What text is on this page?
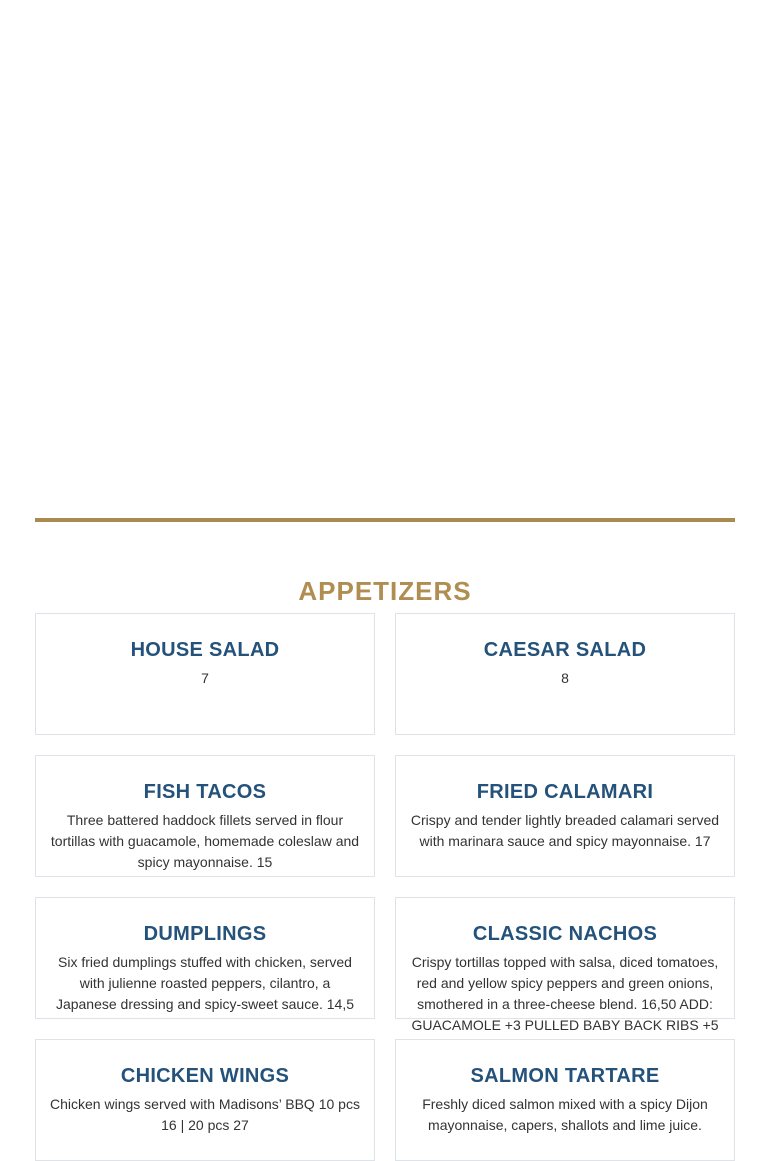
APPETIZERS
HOUSE SALAD

7

CAESAR SALAD

8

FISH TACOS

Three battered haddock fillets served in flour tortillas with guacamole, homemade coleslaw and spicy mayonnaise. 15

FRIED CALAMARI

Crispy and tender lightly breaded calamari served with marinara sauce and spicy mayonnaise. 17

DUMPLINGS

Six fried dumplings stuffed with chicken, served with julienne roasted peppers, cilantro, a Japanese dressing and spicy-sweet sauce. 14,5

CLASSIC NACHOS

Crispy tortillas topped with salsa, diced tomatoes, red and yellow spicy peppers and green onions, smothered in a three-cheese blend. 16,50 ADD: GUACAMOLE +3 PULLED BABY BACK RIBS +5

CHICKEN WINGS

Chicken wings served with Madisons’ BBQ 10 pcs 16 | 20 pcs 27

SALMON TARTARE

Freshly diced salmon mixed with a spicy Dijon mayonnaise, capers, shallots and lime juice.
